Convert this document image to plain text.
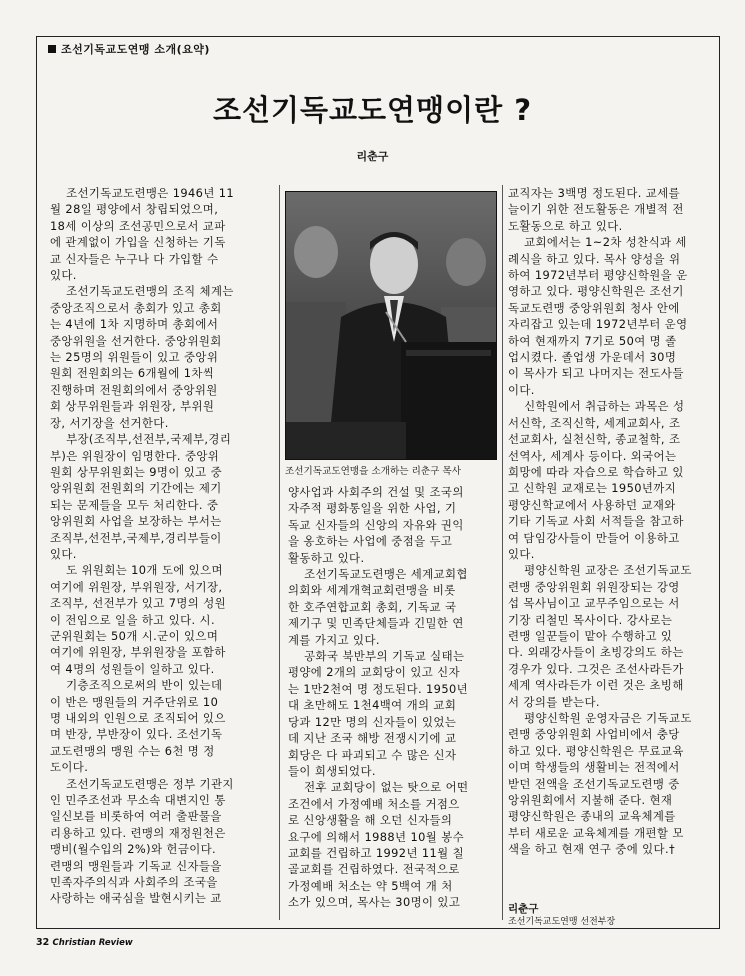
조선기독교도연맹 소개(요약)
조선기독교도연맹이란 ?
리춘구
조선기독교도련맹은 1946년 11
월 28일 평양에서 창립되었으며,
18세 이상의 조선공민으로서 교파
에 관계없이 가입을 신청하는 기독
교 신자들은 누구나 다 가입할 수
있다.
조선기독교도련맹의 조직 체계는
중앙조직으로서 총회가 있고 총회
는 4년에 1차 지명하며 총회에서
중앙위원을 선거한다. 중앙위원회
는 25명의 위원들이 있고 중앙위
원회 전원회의는 6개월에 1차씩
진행하며 전원회의에서 중앙위원
회 상무위원들과 위원장, 부위원
장, 서기장을 선거한다.
부장(조직부,선전부,국제부,경리
부)은 위원장이 임명한다. 중앙위
원회 상무위원회는 9명이 있고 중
앙위원회 전원회의 기간에는 제기
되는 문제들을 모두 처리한다. 중
앙위원회 사업을 보장하는 부서는
조직부,선전부,국제부,경리부들이
있다.
도 위원회는 10개 도에 있으며
여기에 위원장, 부위원장, 서기장,
조직부, 선전부가 있고 7명의 성원
이 전임으로 일을 하고 있다. 시.
군위원회는 50개 시.군이 있으며
여기에 위원장, 부위원장을 포함하
여 4명의 성원들이 일하고 있다.
기층조직으로써의 반이 있는데
이 반은 맹원들의 거주단위로 10
명 내외의 인원으로 조직되어 있으
며 반장, 부반장이 있다. 조선기독
교도련맹의 맹원 수는 6천 명 정
도이다.
조선기독교도련맹은 정부 기관지
인 민주조선과 무소속 대변지인 통
일신보를 비롯하여 여러 출판물을
리용하고 있다. 련맹의 재정원천은
맹비(월수입의 2%)와 헌금이다.
련맹의 맹원들과 기독교 신자들을
민족자주의식과 사회주의 조국을
사랑하는 애국심을 발현시키는 교
조선기독교도연맹을 소개하는 리춘구 목사
양사업과 사회주의 건설 및 조국의
자주적 평화통일을 위한 사업, 기
독교 신자들의 신앙의 자유와 권익
을 옹호하는 사업에 중점을 두고
활동하고 있다.
조선기독교도련맹은 세계교회협
의회와 세계개혁교회련맹을 비롯
한 호주연합교회 총회, 기독교 국
제기구 및 민족단체들과 긴밀한 연
계를 가지고 있다.
공화국 북반부의 기독교 실태는
평양에 2개의 교회당이 있고 신자
는 1만2천여 명 정도된다. 1950년
대 초만해도 1천4백여 개의 교회
당과 12만 명의 신자들이 있었는
데 지난 조국 해방 전쟁시기에 교
회당은 다 파괴되고 수 많은 신자
들이 희생되었다.
전후 교회당이 없는 탓으로 어떤
조건에서 가정예배 처소를 거점으
로 신앙생활을 해 오던 신자들의
요구에 의해서 1988년 10월 봉수
교회를 건립하고 1992년 11월 칠
골교회를 건립하였다. 전국적으로
가정예배 처소는 약 5백여 개 처
소가 있으며, 목사는 30명이 있고
교직자는 3백명 정도된다. 교세를
늘이기 위한 전도활동은 개별적 전
도활동으로 하고 있다.
교회에서는 1~2차 성찬식과 세
례식을 하고 있다. 목사 양성을 위
하여 1972년부터 평양신학원을 운
영하고 있다. 평양신학원은 조선기
독교도련맹 중앙위원회 청사 안에
자리잡고 있는데 1972년부터 운영
하여 현재까지 7기로 50여 명 졸
업시켰다. 졸업생 가운데서 30명
이 목사가 되고 나머지는 전도사들
이다.
신학원에서 취급하는 과목은 성
서신학, 조직신학, 세계교회사, 조
선교회사, 실천신학, 종교철학, 조
선역사, 세계사 등이다. 외국어는
희망에 따라 자습으로 학습하고 있
고 신학원 교재로는 1950년까지
평양신학교에서 사용하던 교재와
기타 기독교 사회 서적들을 참고하
여 담임강사들이 만들어 이용하고
있다.
평양신학원 교장은 조선기독교도
련맹 중앙위원회 위원장되는 강영
섭 목사님이고 교무주임으로는 서
기장 리철민 목사이다. 강사로는
련맹 일꾼들이 맡아 수행하고 있
다. 외래강사들이 초빙강의도 하는
경우가 있다. 그것은 조선사라든가
세계 역사라든가 이런 것은 초빙해
서 강의를 받는다.
평양신학원 운영자금은 기독교도
련맹 중앙위원회 사업비에서 충당
하고 있다. 평양신학원은 무료교육
이며 학생들의 생활비는 전적에서
받던 전액을 조선기독교도련맹 중
앙위원회에서 지불해 준다. 현재
평양신학원은 종내의 교육체계를
부터 새로운 교육체계를 개편할 모
색을 하고 현재 연구 중에 있다.†
리춘구
조선기독교도연맹 선전부장
32 Christian Review
